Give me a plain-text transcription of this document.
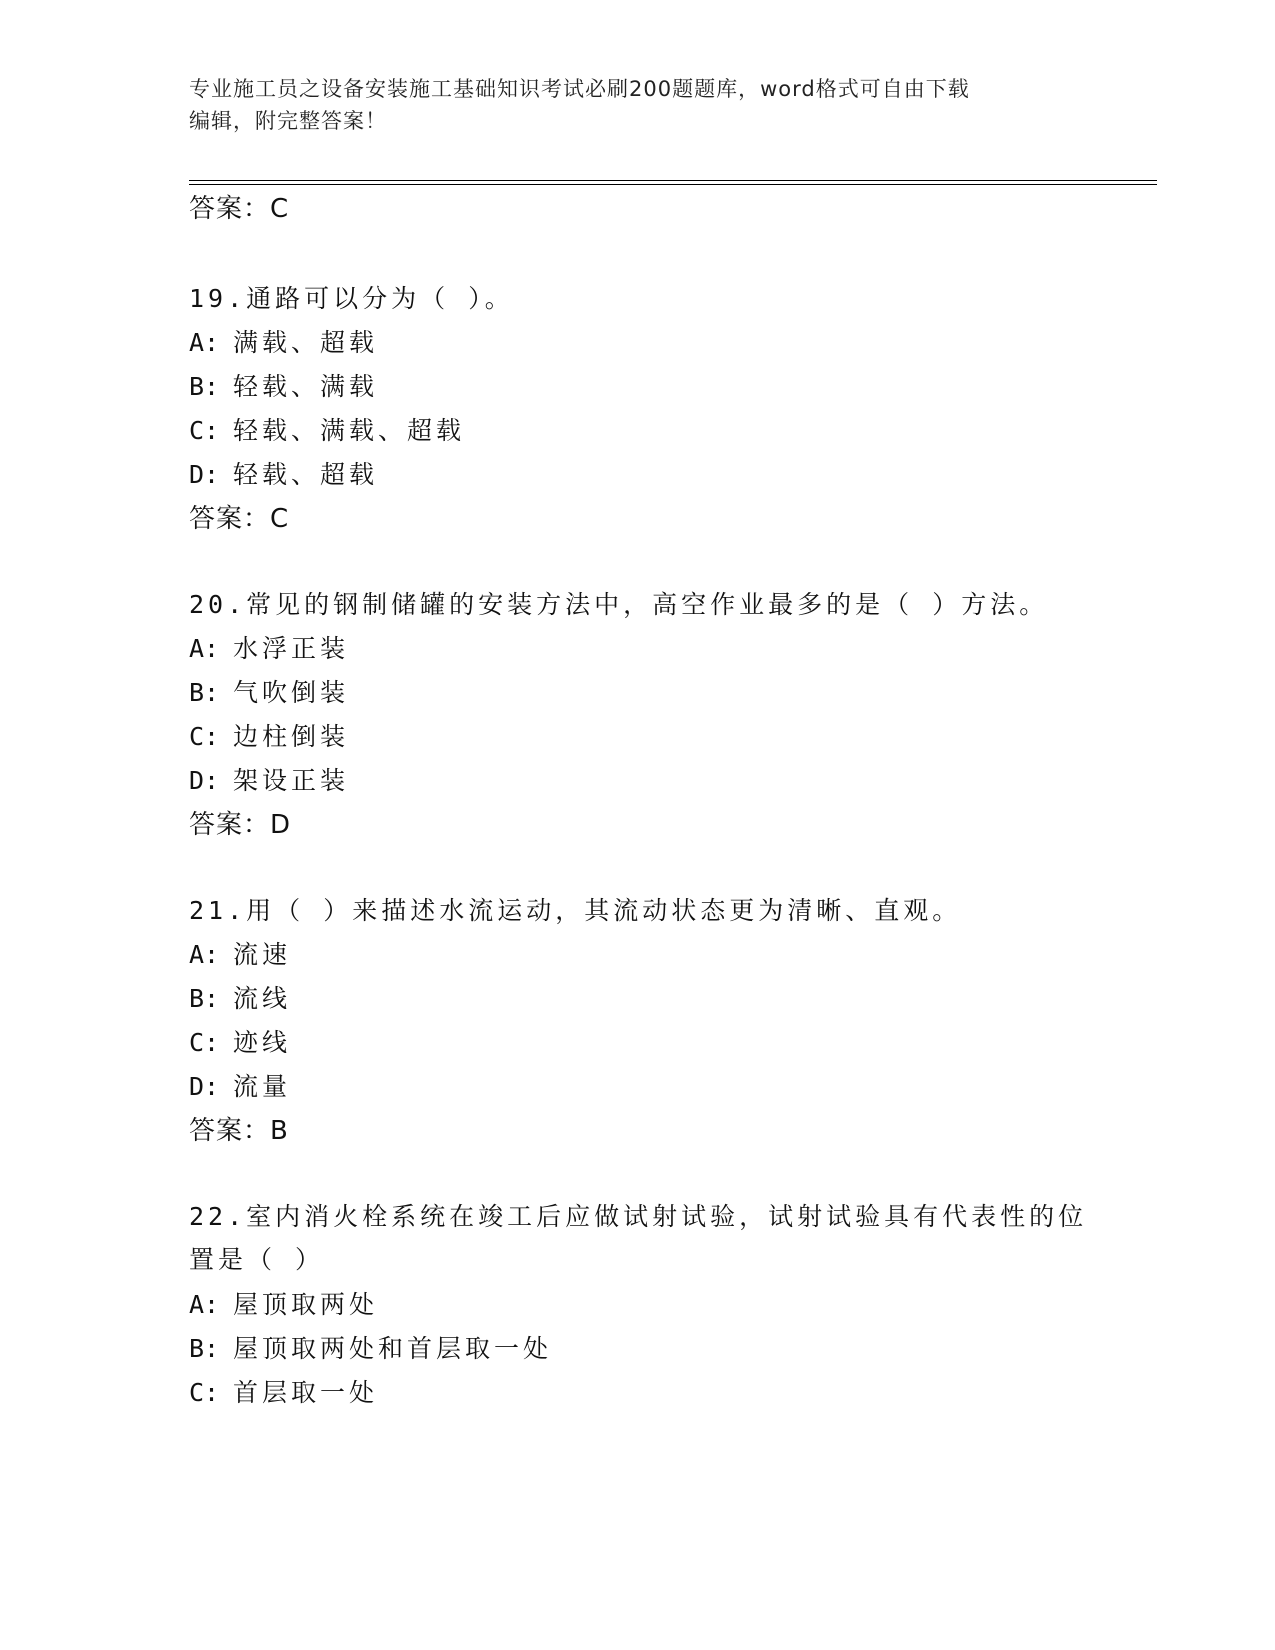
专业施工员之设备安装施工基础知识考试必刷200题题库，word格式可自由下载
编辑，附完整答案！
答案：C
19.通路可以分为（ ）。
A: 满载、超载
B: 轻载、满载
C: 轻载、满载、超载
D: 轻载、超载
答案：C
20.常见的钢制储罐的安装方法中，高空作业最多的是（ ）方法。
A: 水浮正装
B: 气吹倒装
C: 边柱倒装
D: 架设正装
答案：D
21.用（ ）来描述水流运动，其流动状态更为清晰、直观。
A: 流速
B: 流线
C: 迹线
D: 流量
答案：B
22.室内消火栓系统在竣工后应做试射试验，试射试验具有代表性的位
置是（ ）
A: 屋顶取两处
B: 屋顶取两处和首层取一处
C: 首层取一处
